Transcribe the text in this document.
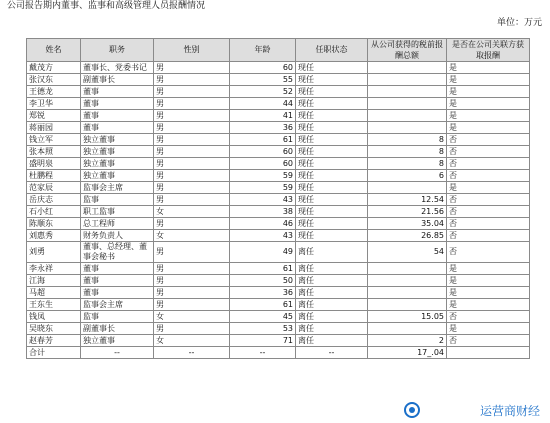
公司报告期内董事、监事和高级管理人员报酬情况
单位：万元
姓名	职务	性别	年龄	任职状态	从公司获得的税前报酬总额	是否在公司关联方获取报酬
戴茂方	董事长、党委书记	男	60	现任		是
张汉东	副董事长	男	55	现任		是
王德龙	董事	男	52	现任		是
李卫华	董事	男	44	现任		是
郑锐	董事	男	41	现任		是
蒋丽园	董事	男	36	现任		是
钱立军	独立董事	男	61	现任	8	否
张本照	独立董事	男	60	现任	8	否
盛明泉	独立董事	男	60	现任	8	否
杜鹏程	独立董事	男	59	现任	6	否
范家辰	监事会主席	男	59	现任		是
岳庆志	监事	男	43	现任	12.54	否
石小红	职工监事	女	38	现任	21.56	否
陈顺东	总工程师	男	46	现任	35.04	否
刘惠秀	财务负责人	女	43	现任	26.85	否
刘勇	董事、总经理、董事会秘书	男	49	离任	54	否
李永祥	董事	男	61	离任		是
江海	董事	男	50	离任		是
马超	董事	男	36	离任		是
王东生	监事会主席	男	61	离任		是
钱凤	监事	女	45	离任	15.05	否
吴晓东	副董事长	男	53	离任		是
赵春芳	独立董事	女	71	离任	2	否
合计	--	--	--	--	17_.04	
运营商财经
